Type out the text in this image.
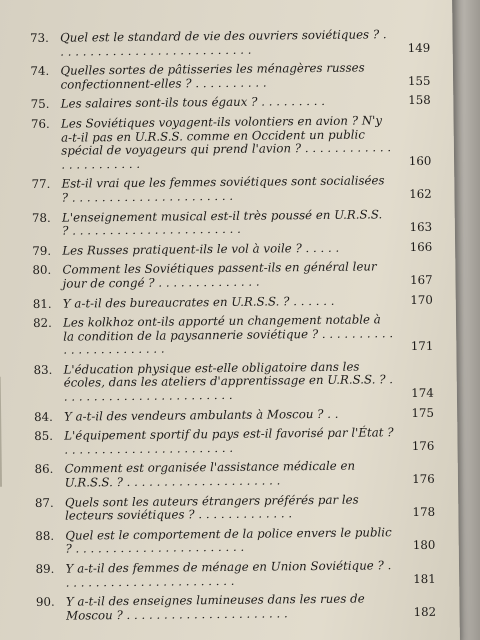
73. Quel est le standard de vie des ouvriers soviétiques ? . . . . . . . . . . . . . . . . . . . . . . . . . . .	149
74. Quelles sortes de pâtisseries les ménagères russes confectionnent-elles ? . . . . . . . . . .	155
75. Les salaires sont-ils tous égaux ? . . . . . . . . .	158
76. Les Soviétiques voyagent-ils volontiers en avion ? N'y a-t-il pas en U.R.S.S. comme en Occident un public spécial de voyageurs qui prend l'avion ? . . . . . . . . . . . . . . . . . . . . . . .	160
77. Est-il vrai que les femmes soviétiques sont socialisées ? . . . . . . . . . . . . . . . . . . . . . .	162
78. L'enseignement musical est-il très poussé en U.R.S.S. ? . . . . . . . . . . . . . . . . . . . . . . .	163
79. Les Russes pratiquent-ils le vol à voile ? . . . . .	166
80. Comment les Soviétiques passent-ils en général leur jour de congé ? . . . . . . . . . . . . . .	167
81. Y a-t-il des bureaucrates en U.R.S.S. ? . . . . . .	170
82. Les kolkhoz ont-ils apporté un changement notable à la condition de la paysannerie soviétique ? . . . . . . . . . . . . . . . . . . . . . . . .	171
83. L'éducation physique est-elle obligatoire dans les écoles, dans les ateliers d'apprentissage en U.R.S.S. ? . . . . . . . . . . . . . . . . . . . . . . . .	174
84. Y a-t-il des vendeurs ambulants à Moscou ? . .	175
85. L'équipement sportif du pays est-il favorisé par l'État ? . . . . . . . . . . . . . . . . . . . . . . .	176
86. Comment est organisée l'assistance médicale en U.R.S.S. ? . . . . . . . . . . . . . . . . . . . . .	176
87. Quels sont les auteurs étrangers préférés par les lecteurs soviétiques ? . . . . . . . . . . . . .	178
88. Quel est le comportement de la police envers le public ? . . . . . . . . . . . . . . . . . . . . . . .	180
89. Y a-t-il des femmes de ménage en Union Soviétique ? . . . . . . . . . . . . . . . . . . . . . . . .	181
90. Y a-t-il des enseignes lumineuses dans les rues de Moscou ? . . . . . . . . . . . . . . . . . . . . . .	182
